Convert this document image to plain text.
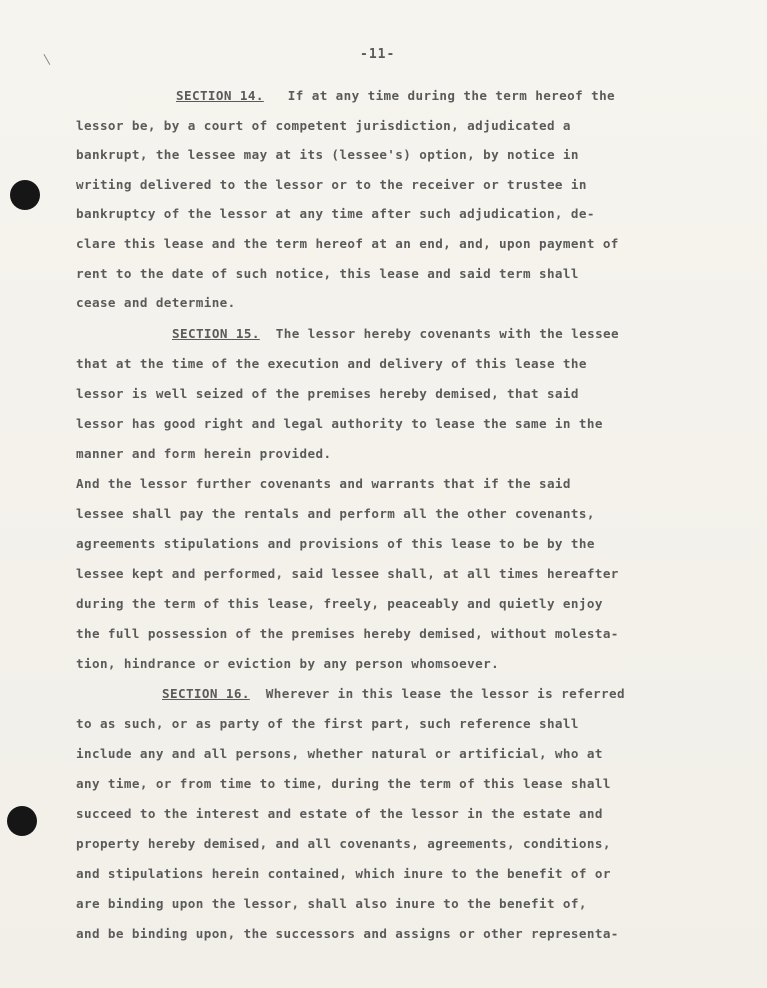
-11-
SECTION 14. If at any time during the term hereof the
lessor be, by a court of competent jurisdiction, adjudicated a
bankrupt, the lessee may at its (lessee's) option, by notice in
writing delivered to the lessor or to the receiver or trustee in
bankruptcy of the lessor at any time after such adjudication, de-
clare this lease and the term hereof at an end, and, upon payment of
rent to the date of such notice, this lease and said term shall
cease and determine.
SECTION 15. The lessor hereby covenants with the lessee
that at the time of the execution and delivery of this lease the
lessor is well seized of the premises hereby demised, that said
lessor has good right and legal authority to lease the same in the
manner and form herein provided.
And the lessor further covenants and warrants that if the said
lessee shall pay the rentals and perform all the other covenants,
agreements stipulations and provisions of this lease to be by the
lessee kept and performed, said lessee shall, at all times hereafter
during the term of this lease, freely, peaceably and quietly enjoy
the full possession of the premises hereby demised, without molesta-
tion, hindrance or eviction by any person whomsoever.
SECTION 16. Wherever in this lease the lessor is referred
to as such, or as party of the first part, such reference shall
include any and all persons, whether natural or artificial, who at
any time, or from time to time, during the term of this lease shall
succeed to the interest and estate of the lessor in the estate and
property hereby demised, and all covenants, agreements, conditions,
and stipulations herein contained, which inure to the benefit of or
are binding upon the lessor, shall also inure to the benefit of,
and be binding upon, the successors and assigns or other representa-
